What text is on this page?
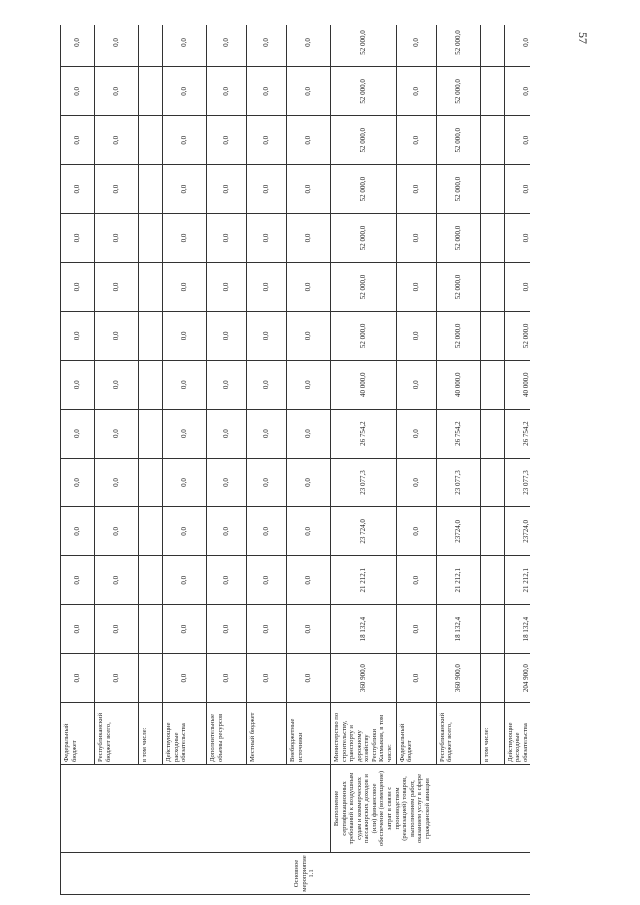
57
Основное мероприятие 1.1		Федеральный бюджет	0,0	0,0	0,0	0,0	0,0	0,0	0,0	0,0	0,0	0,0	0,0	0,0	0,0	0,0
		Республиканский бюджет всего,	0,0	0,0	0,0	0,0	0,0	0,0	0,0	0,0	0,0	0,0	0,0	0,0	0,0	0,0
		в том числе:														
		Действующие расходные обязательства	0,0	0,0	0,0	0,0	0,0	0,0	0,0	0,0	0,0	0,0	0,0	0,0	0,0	0,0
		Дополнительные объемы ресурсов	0,0	0,0	0,0	0,0	0,0	0,0	0,0	0,0	0,0	0,0	0,0	0,0	0,0	0,0
		Местный бюджет	0,0	0,0	0,0	0,0	0,0	0,0	0,0	0,0	0,0	0,0	0,0	0,0	0,0	0,0
		Внебюджетные источники	0,0	0,0	0,0	0,0	0,0	0,0	0,0	0,0	0,0	0,0	0,0	0,0	0,0	0,0
	Выполнение сертификационных требований к воздушным судам и коммерческих пассажирских доходов и (или) финансовое обеспечение (возмещение) затрат в связи с производством (реализацией) товаров, выполнением работ, оказанием услуг в сфере гражданской авиации	Министерство по строительству, транспорту и дорожному хозяйству Республики Калмыкия, в том числе:	360 900,0	18 132,4	21 212,1	23 724,0	23 077,3	26 754,2	40 000,0	52 000,0	52 000,0	52 000,0	52 000,0	52 000,0	52 000,0	52 000,0
		Федеральный бюджет	0,0	0,0	0,0	0,0	0,0	0,0	0,0	0,0	0,0	0,0	0,0	0,0	0,0	0,0
		Республиканский бюджет всего,	360 900,0	18 132,4	21 212,1	23724,0	23 077,3	26 754,2	40 000,0	52 000,0	52 000,0	52 000,0	52 000,0	52 000,0	52 000,0	52 000,0
		в том числе:														
		Действующие расходные обязательства	204 900,0	18 132,4	21 212,1	23724,0	23 077,3	26 754,2	40 000,0	52 000,0	0,0	0,0	0,0	0,0	0,0	0,0
